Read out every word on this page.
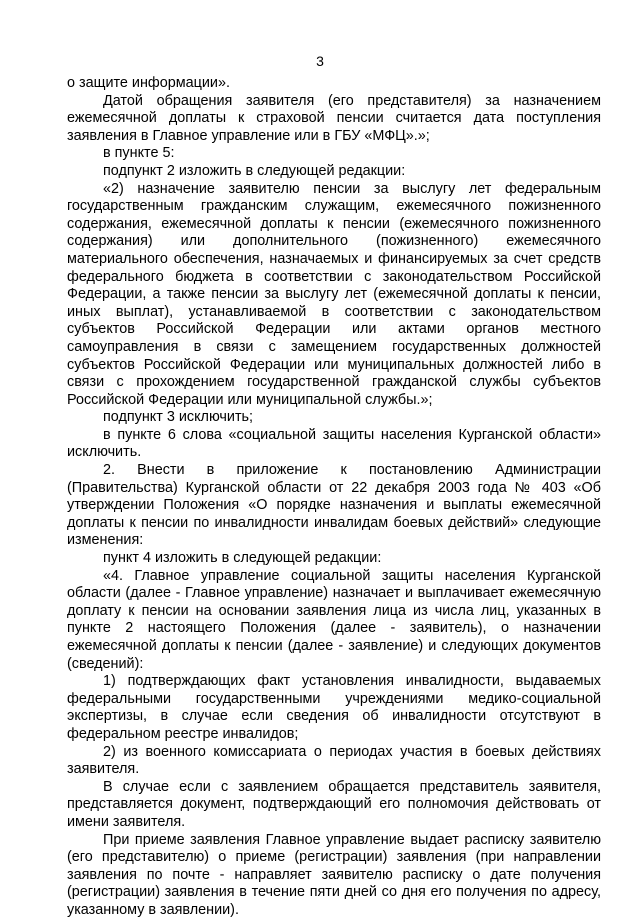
3

о защите информации».

Датой обращения заявителя (его представителя) за назначением ежемесячной доплаты к страховой пенсии считается дата поступления заявления в Главное управление или в ГБУ «МФЦ».»;

в пункте 5:

подпункт 2 изложить в следующей редакции:

«2) назначение заявителю пенсии за выслугу лет федеральным государственным гражданским служащим, ежемесячного пожизненного содержания, ежемесячной доплаты к пенсии (ежемесячного пожизненного содержания) или дополнительного (пожизненного) ежемесячного материального обеспечения, назначаемых и финансируемых за счет средств федерального бюджета в соответствии с законодательством Российской Федерации, а также пенсии за выслугу лет (ежемесячной доплаты к пенсии, иных выплат), устанавливаемой в соответствии с законодательством субъектов Российской Федерации или актами органов местного самоуправления в связи с замещением государственных должностей субъектов Российской Федерации или муниципальных должностей либо в связи с прохождением государственной гражданской службы субъектов Российской Федерации или муниципальной службы.»;

подпункт 3 исключить;

в пункте 6 слова «социальной защиты населения Курганской области» исключить.

2. Внести в приложение к постановлению Администрации (Правительства) Курганской области от 22 декабря 2003 года № 403 «Об утверждении Положения «О порядке назначения и выплаты ежемесячной доплаты к пенсии по инвалидности инвалидам боевых действий» следующие изменения:

пункт 4 изложить в следующей редакции:

«4. Главное управление социальной защиты населения Курганской области (далее - Главное управление) назначает и выплачивает ежемесячную доплату к пенсии на основании заявления лица из числа лиц, указанных в пункте 2 настоящего Положения (далее - заявитель), о назначении ежемесячной доплаты к пенсии (далее - заявление) и следующих документов (сведений):

1) подтверждающих факт установления инвалидности, выдаваемых федеральными государственными учреждениями медико-социальной экспертизы, в случае если сведения об инвалидности отсутствуют в федеральном реестре инвалидов;

2) из военного комиссариата о периодах участия в боевых действиях заявителя.

В случае если с заявлением обращается представитель заявителя, представляется документ, подтверждающий его полномочия действовать от имени заявителя.

При приеме заявления Главное управление выдает расписку заявителю (его представителю) о приеме (регистрации) заявления (при направлении заявления по почте - направляет заявителю расписку о дате получения (регистрации) заявления в течение пяти дней со дня его получения по адресу, указанному в заявлении).
